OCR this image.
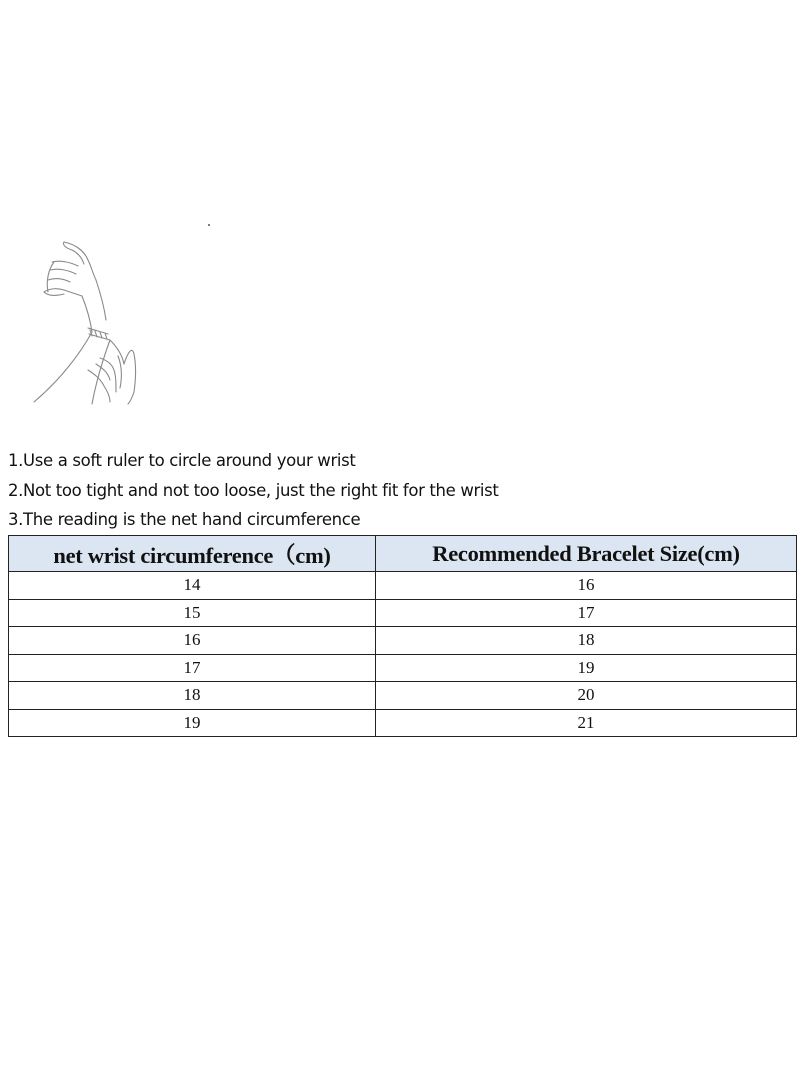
1.Use a soft ruler to circle around your wrist
2.Not too tight and not too loose, just the right fit for the wrist
3.The reading is the net hand circumference
net wrist circumference（cm)	Recommended Bracelet Size(cm)
14	16
15	17
16	18
17	19
18	20
19	21
